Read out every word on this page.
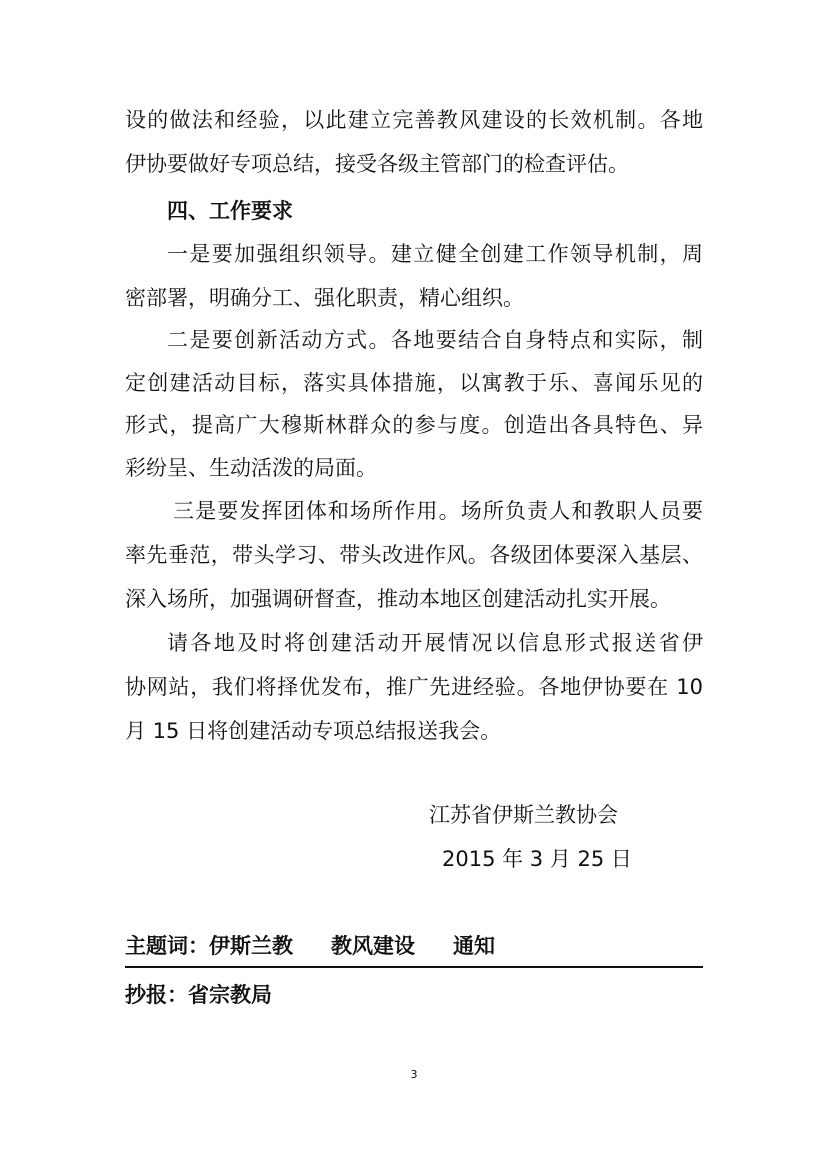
设的做法和经验，以此建立完善教风建设的长效机制。各地
伊协要做好专项总结，接受各级主管部门的检查评估。
四、工作要求
一是要加强组织领导。建立健全创建工作领导机制，周
密部署，明确分工、强化职责，精心组织。
二是要创新活动方式。各地要结合自身特点和实际，制
定创建活动目标，落实具体措施，以寓教于乐、喜闻乐见的
形式，提高广大穆斯林群众的参与度。创造出各具特色、异
彩纷呈、生动活泼的局面。
三是要发挥团体和场所作用。场所负责人和教职人员要
率先垂范，带头学习、带头改进作风。各级团体要深入基层、
深入场所，加强调研督查，推动本地区创建活动扎实开展。
请各地及时将创建活动开展情况以信息形式报送省伊
协网站，我们将择优发布，推广先进经验。各地伊协要在 10
月 15 日将创建活动专项总结报送我会。
江苏省伊斯兰教协会
2015 年 3 月 25 日
主题词：伊斯兰教 教风建设 通知
抄报：省宗教局
3
